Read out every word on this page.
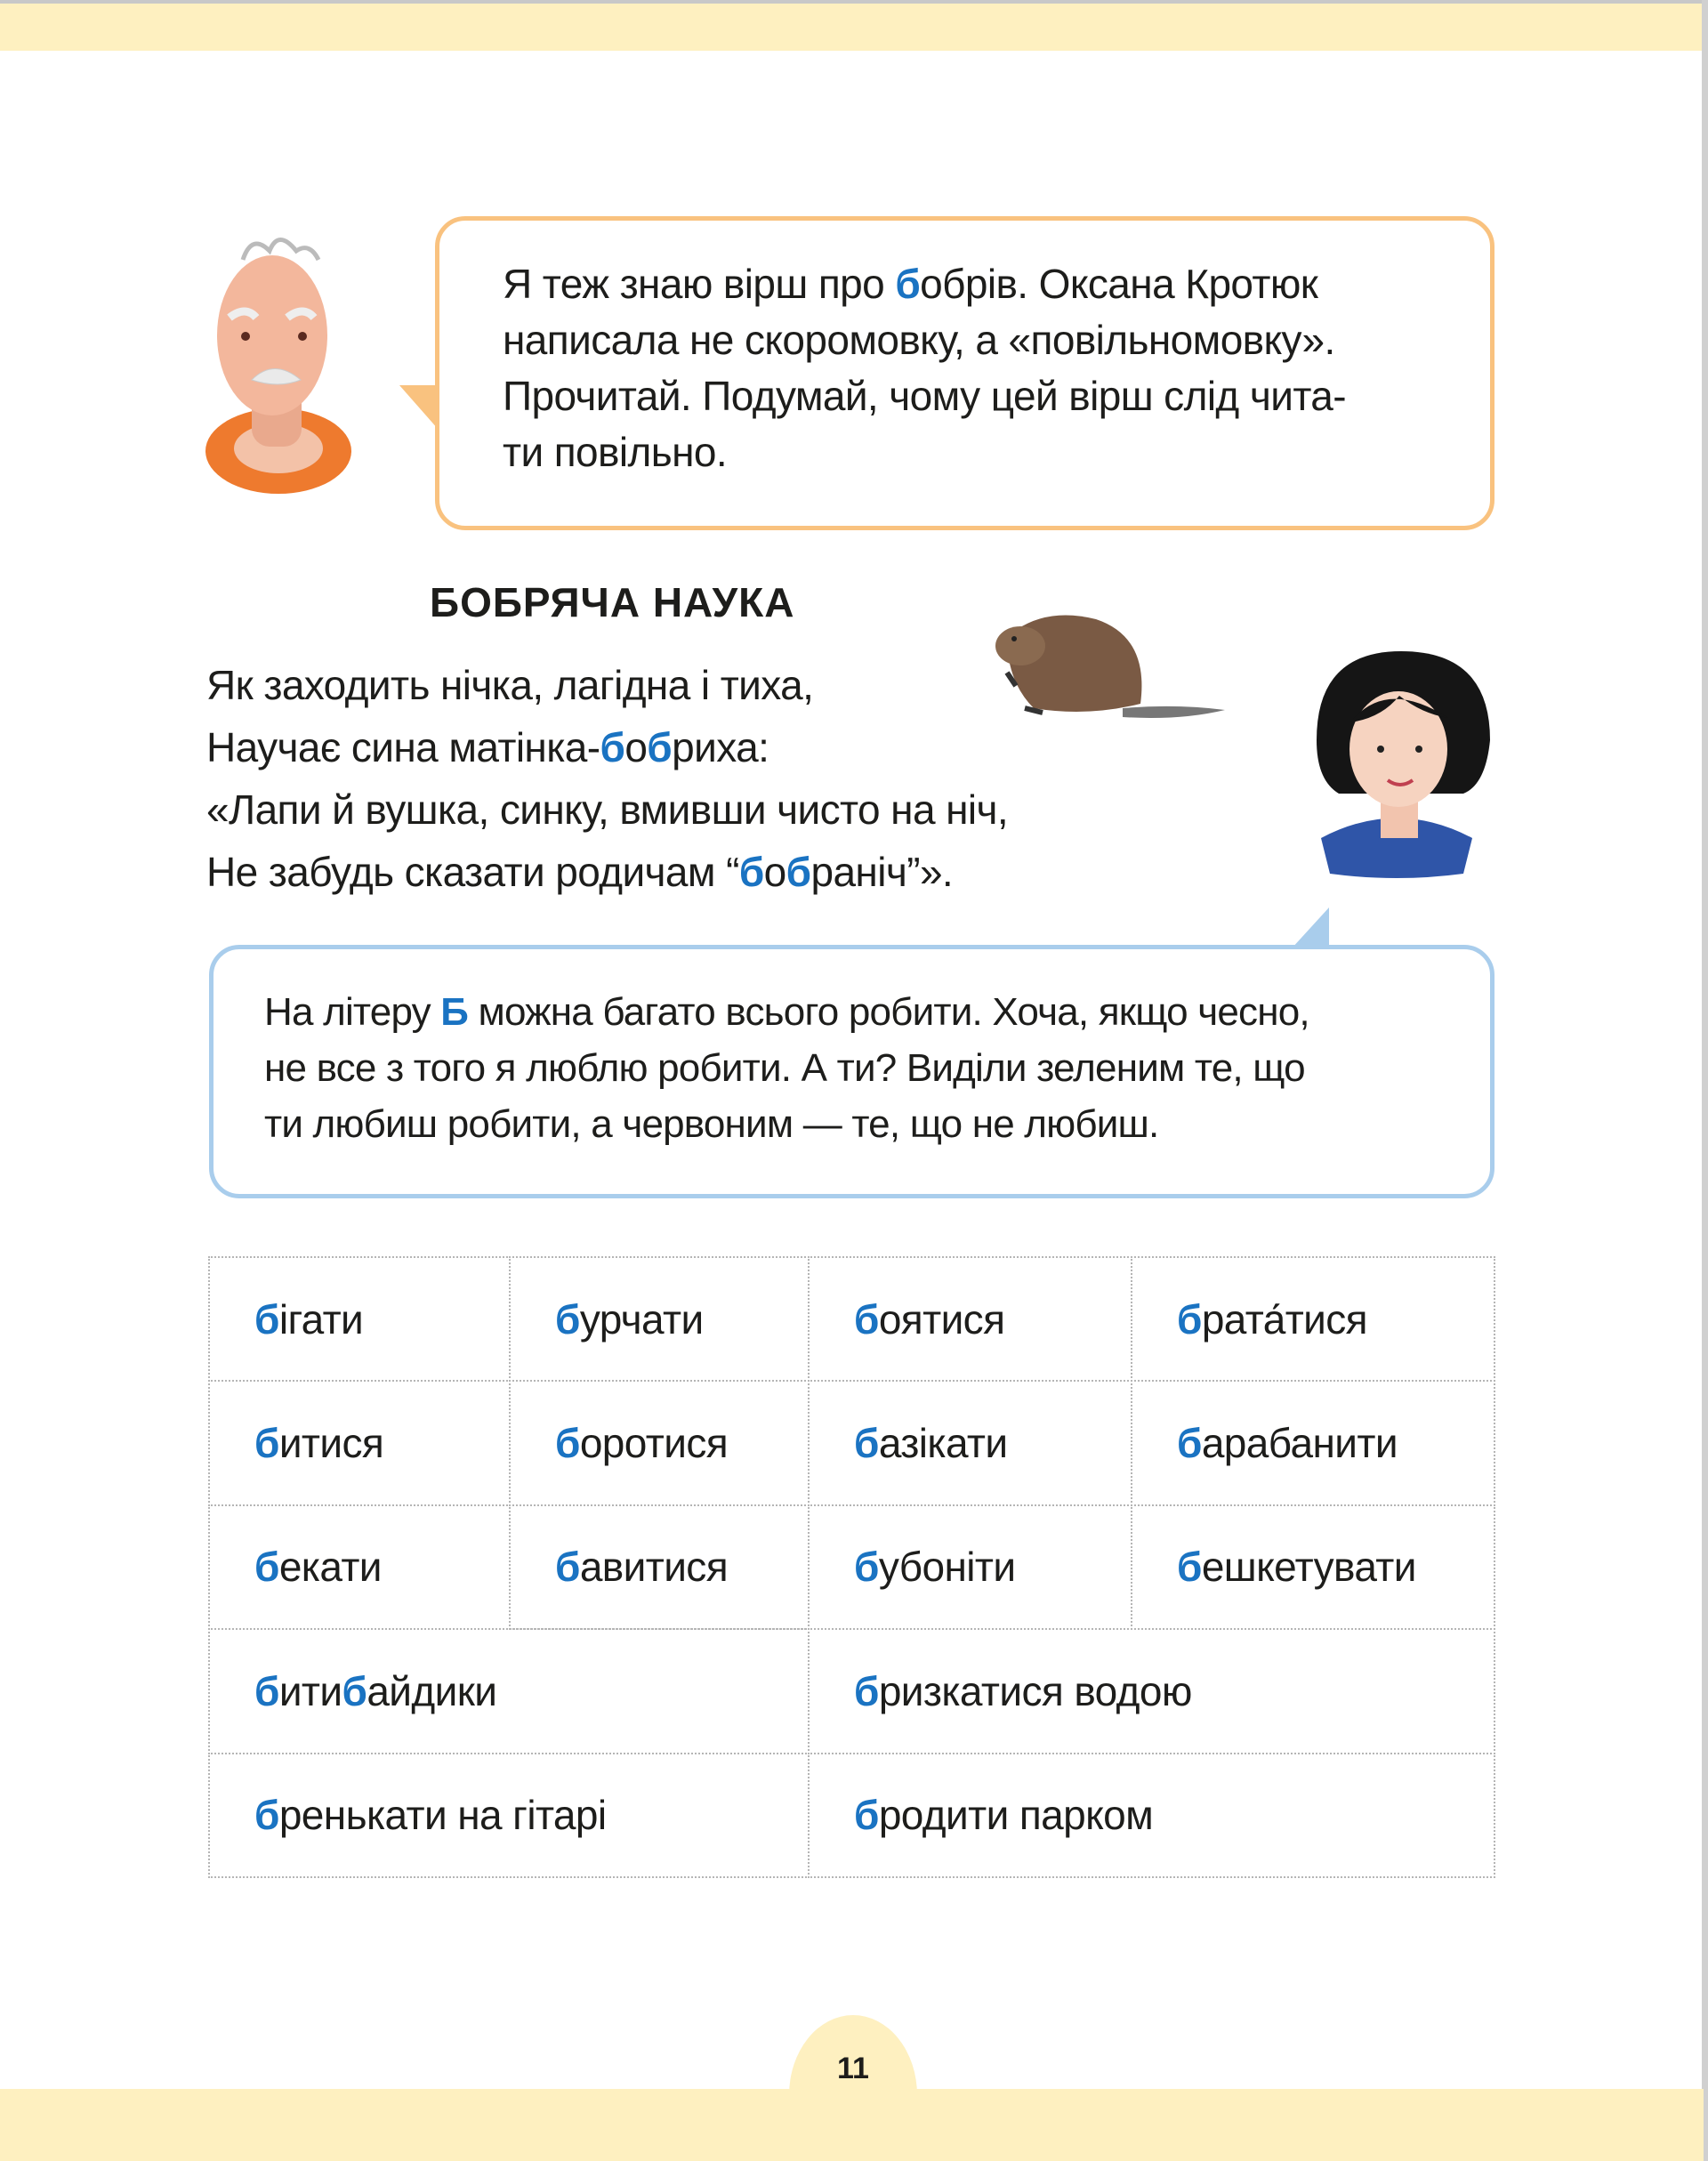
Я теж знаю вірш про бобрів. Оксана Кротюк
написала не скоромовку, а «повільномовку».
Прочитай. Подумай, чому цей вірш слід чита-
ти повільно.
БОБРЯЧА НАУКА
Як заходить нічка, лагідна і тиха,
Научає сина матінка-бобриха:
«Лапи й вушка, синку, вмивши чисто на ніч,
Не забудь сказати родичам “бобраніч”».
На літеру Б можна багато всього робити. Хоча, якщо чесно,
не все з того я люблю робити. А ти? Виділи зеленим те, що
ти любиш робити, а червоним — те, що не любиш.
б ігати	б урчати	б оятися	б рата́тися
б итися	б оротися	б азікати	б арабанити
б екати	б авитися	б убоніти	б ешкетувати
б ити б айдики	б ризкатися водою
б ренькати на гітарі	б родити парком
11
